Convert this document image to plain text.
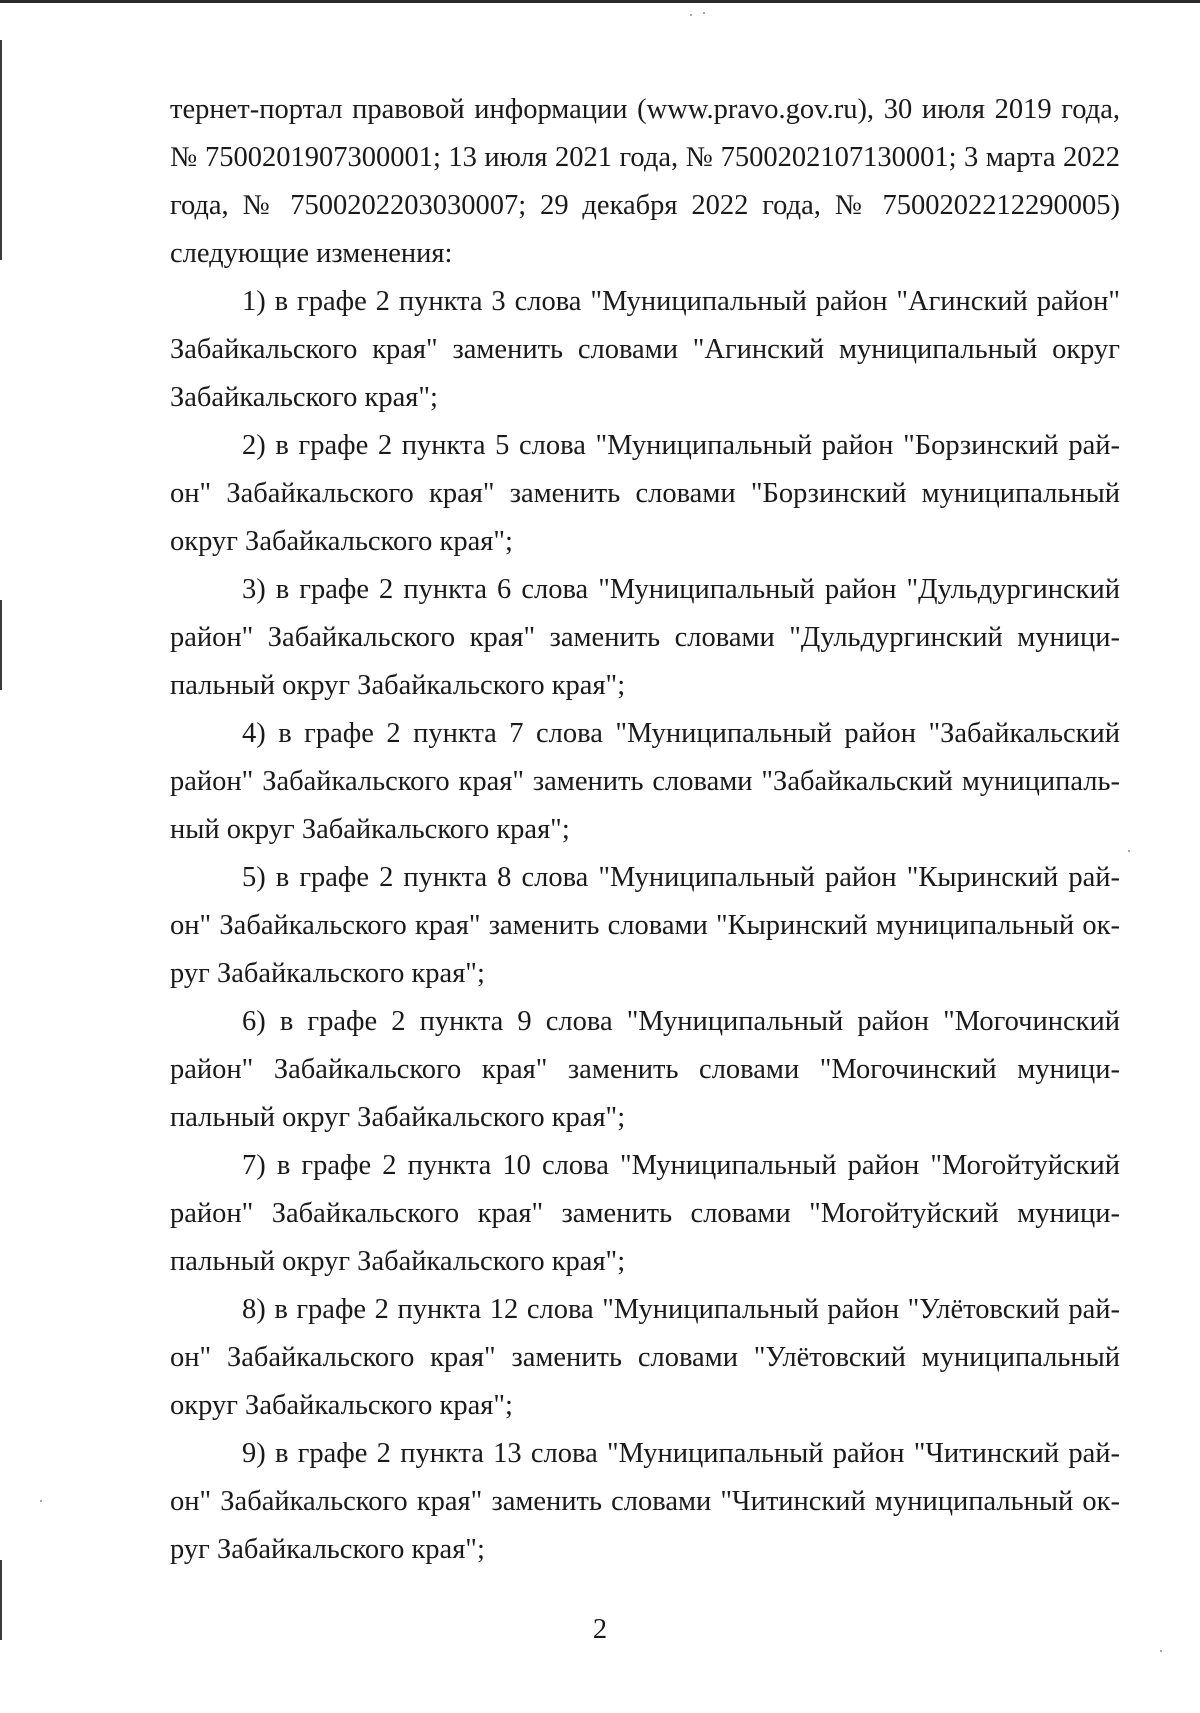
тернет-портал правовой информации (www.pravo.gov.ru), 30 июля 2019 года, № 7500201907300001; 13 июля 2021 года, № 7500202107130001; 3 марта 2022 года, № 7500202203030007; 29 декабря 2022 года, № 7500202212290005) следующие изменения:

1) в графе 2 пункта 3 слова "Муниципальный район "Агинский район" Забайкальского края" заменить словами "Агинский муниципальный округ Забайкальского края";

2) в графе 2 пункта 5 слова "Муниципальный район "Борзинский район" Забайкальского края" заменить словами "Борзинский муниципальный округ Забайкальского края";

3) в графе 2 пункта 6 слова "Муниципальный район "Дульдургинский район" Забайкальского края" заменить словами "Дульдургинский муниципальный округ Забайкальского края";

4) в графе 2 пункта 7 слова "Муниципальный район "Забайкальский район" Забайкальского края" заменить словами "Забайкальский муниципальный округ Забайкальского края";

5) в графе 2 пункта 8 слова "Муниципальный район "Кыринский район" Забайкальского края" заменить словами "Кыринский муниципальный округ Забайкальского края";

6) в графе 2 пункта 9 слова "Муниципальный район "Могочинский район" Забайкальского края" заменить словами "Могочинский муниципальный округ Забайкальского края";

7) в графе 2 пункта 10 слова "Муниципальный район "Могойтуйский район" Забайкальского края" заменить словами "Могойтуйский муниципальный округ Забайкальского края";

8) в графе 2 пункта 12 слова "Муниципальный район "Улётовский район" Забайкальского края" заменить словами "Улётовский муниципальный округ Забайкальского края";

9) в графе 2 пункта 13 слова "Муниципальный район "Читинский район" Забайкальского края" заменить словами "Читинский муниципальный округ Забайкальского края";

2
